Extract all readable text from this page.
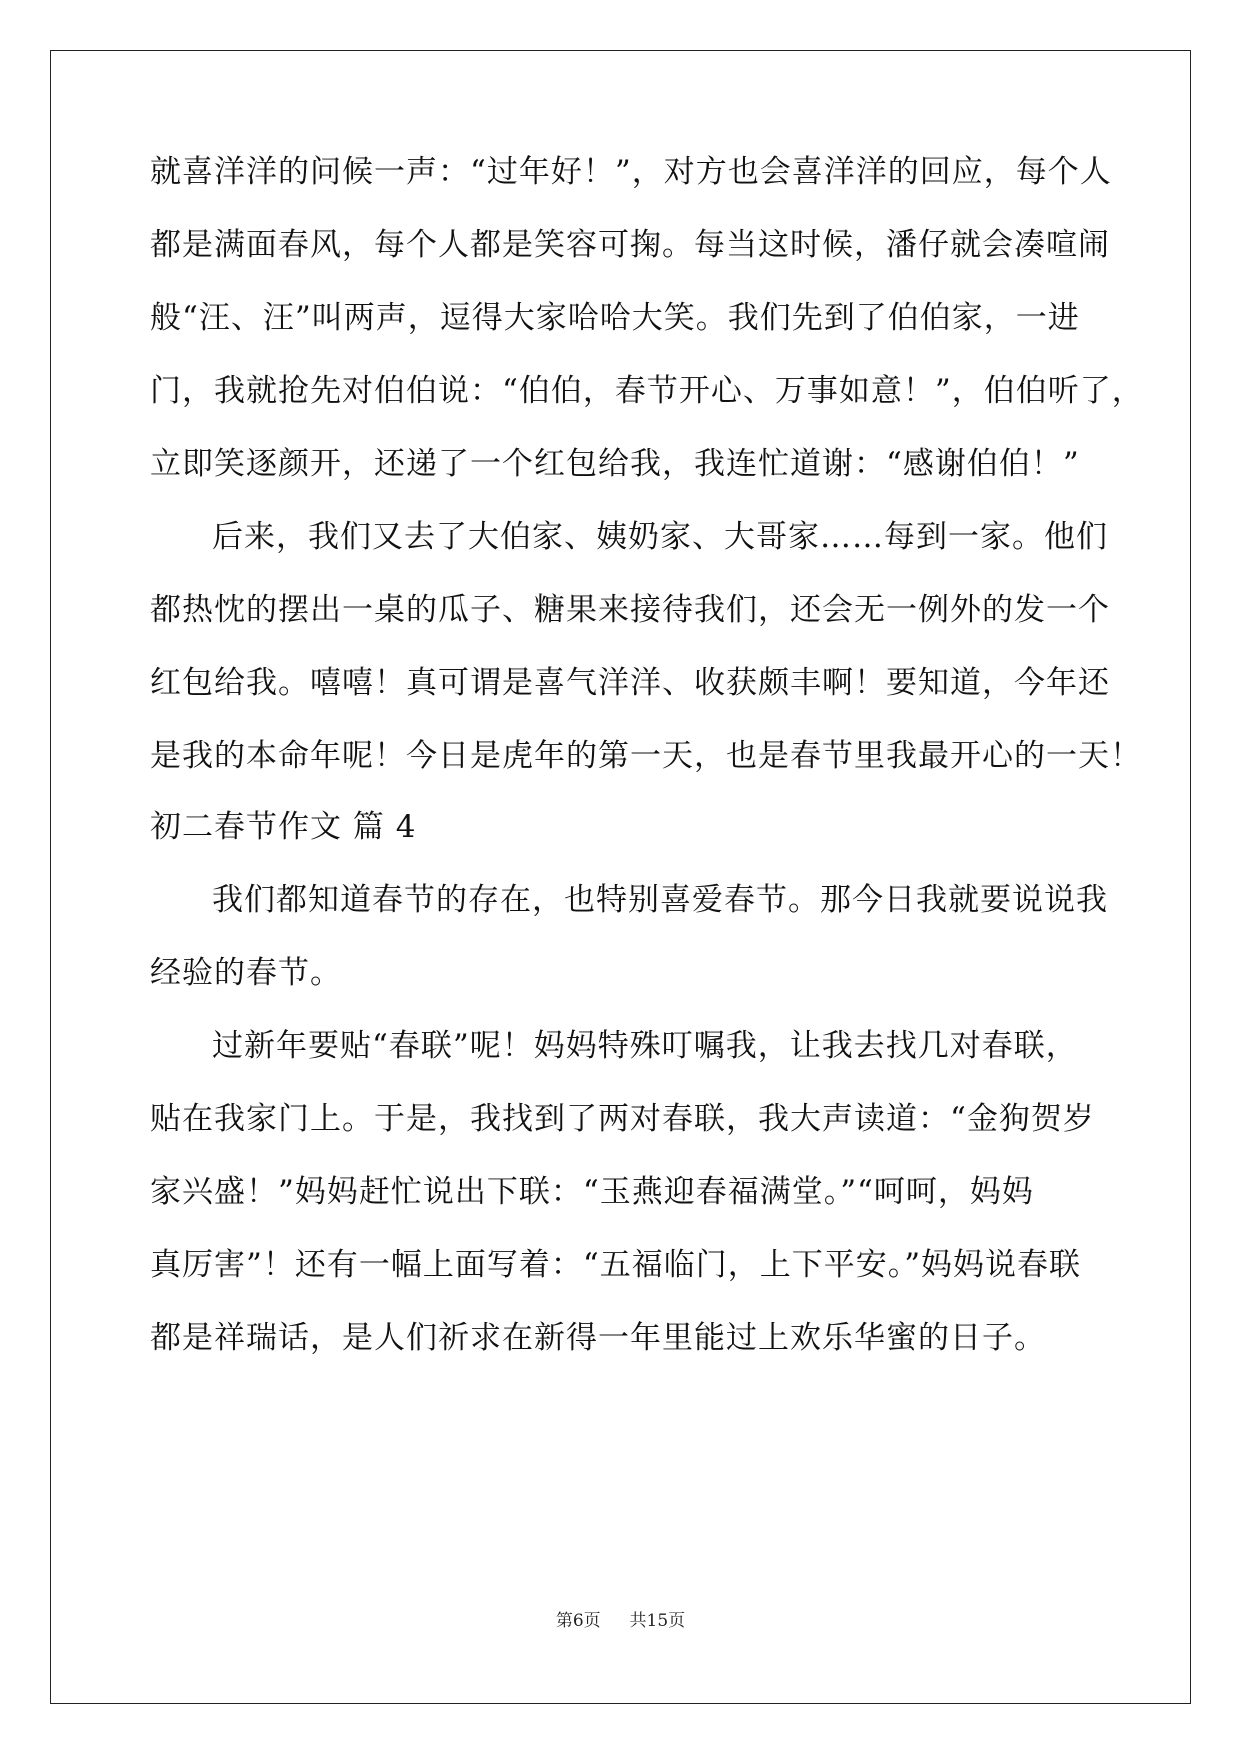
就喜洋洋的问候一声：“过年好！”，对方也会喜洋洋的回应，每个人
都是满面春风，每个人都是笑容可掬。每当这时候，潘仔就会凑喧闹
般“汪、汪”叫两声，逗得大家哈哈大笑。我们先到了伯伯家，一进
门，我就抢先对伯伯说：“伯伯，春节开心、万事如意！”，伯伯听了，
立即笑逐颜开，还递了一个红包给我，我连忙道谢：“感谢伯伯！”
后来，我们又去了大伯家、姨奶家、大哥家……每到一家。他们
都热忱的摆出一桌的瓜子、糖果来接待我们，还会无一例外的发一个
红包给我。嘻嘻！真可谓是喜气洋洋、收获颇丰啊！要知道，今年还
是我的本命年呢！今日是虎年的第一天，也是春节里我最开心的一天！
初二春节作文 篇 4
我们都知道春节的存在，也特别喜爱春节。那今日我就要说说我
经验的春节。
过新年要贴“春联”呢！妈妈特殊叮嘱我，让我去找几对春联，
贴在我家门上。于是，我找到了两对春联，我大声读道：“金狗贺岁
家兴盛！”妈妈赶忙说出下联：“玉燕迎春福满堂。”“呵呵，妈妈
真厉害”！还有一幅上面写着：“五福临门，上下平安。”妈妈说春联
都是祥瑞话，是人们祈求在新得一年里能过上欢乐华蜜的日子。
第6页 共15页
